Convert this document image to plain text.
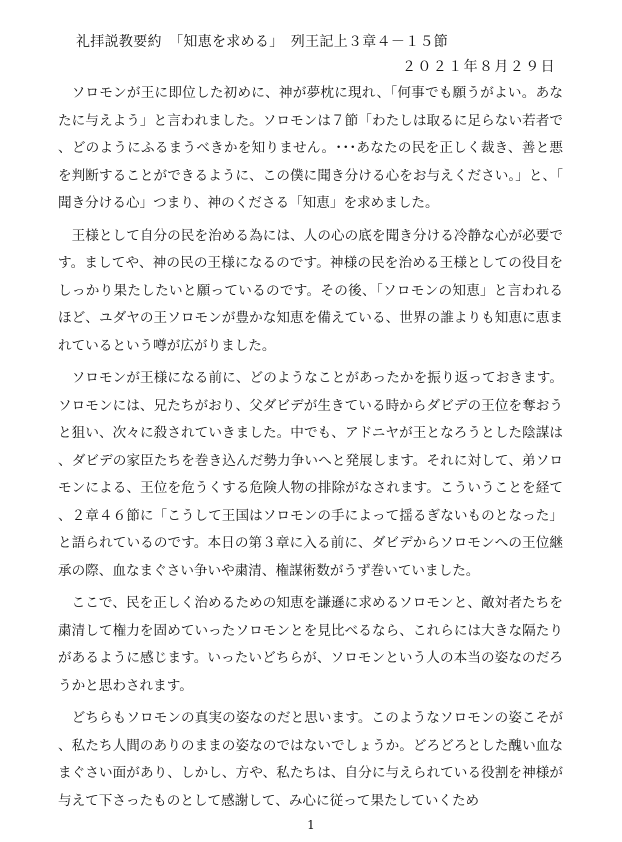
礼拝説教要約　「知恵を求める」　列王記上３章４－１５節
２０２１年８月２９日

ソロモンが王に即位した初めに、神が夢枕に現れ、「何事でも願うがよい。あなたに与えよう」と言われました。ソロモンは７節「わたしは取るに足らない若者で、どのようにふるまうべきかを知りません。･･･あなたの民を正しく裁き、善と悪を判断することができるように、この僕に聞き分ける心をお与えください。」と、「聞き分ける心」つまり、神のくださる「知恵」を求めました。

王様として自分の民を治める為には、人の心の底を聞き分ける冷静な心が必要です。ましてや、神の民の王様になるのです。神様の民を治める王様としての役目をしっかり果たしたいと願っているのです。その後、「ソロモンの知恵」と言われるほど、ユダヤの王ソロモンが豊かな知恵を備えている、世界の誰よりも知恵に恵まれているという噂が広がりました。

ソロモンが王様になる前に、どのようなことがあったかを振り返っておきます。ソロモンには、兄たちがおり、父ダビデが生きている時からダビデの王位を奪おうと狙い、次々に殺されていきました。中でも、アドニヤが王となろうとした陰謀は、ダビデの家臣たちを巻き込んだ勢力争いへと発展します。それに対して、弟ソロモンによる、王位を危うくする危険人物の排除がなされます。こういうことを経て、２章４６節に「こうして王国はソロモンの手によって揺るぎないものとなった」と語られているのです。本日の第３章に入る前に、ダビデからソロモンへの王位継承の際、血なまぐさい争いや粛清、権謀術数がうず巻いていました。

ここで、民を正しく治めるための知恵を謙遜に求めるソロモンと、敵対者たちを粛清して権力を固めていったソロモンとを見比べるなら、これらには大きな隔たりがあるように感じます。いったいどちらが、ソロモンという人の本当の姿なのだろうかと思わされます。

どちらもソロモンの真実の姿なのだと思います。このようなソロモンの姿こそが、私たち人間のありのままの姿なのではないでしょうか。どろどろとした醜い血なまぐさい面があり、しかし、方や、私たちは、自分に与えられている役割を神様が与えて下さったものとして感謝して、み心に従って果たしていくため

1
